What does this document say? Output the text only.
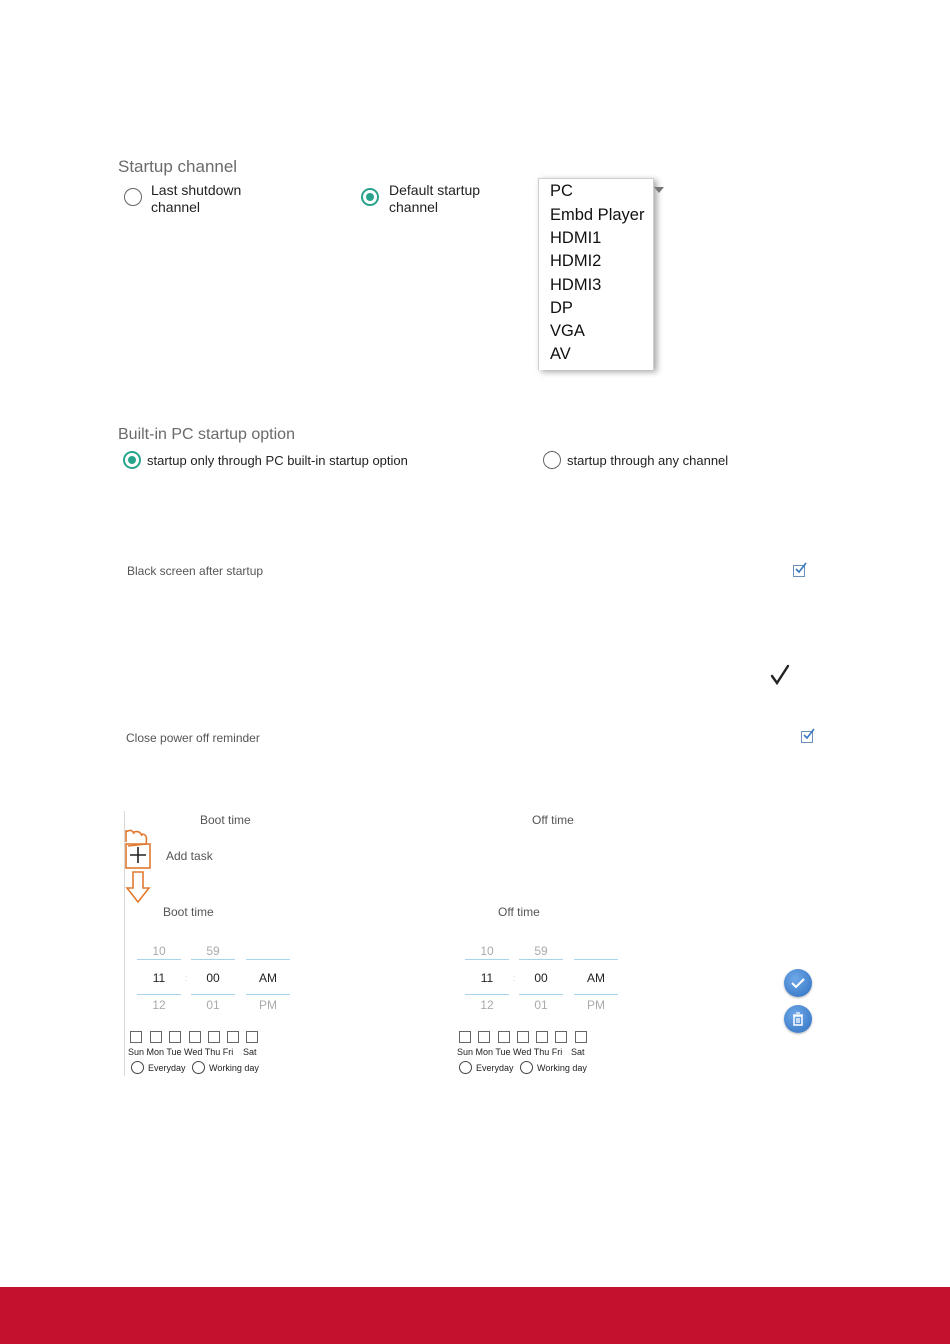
Startup channel
Last shutdown
channel
Default startup
channel
PC
Embd Player
HDMI1
HDMI2
HDMI3
DP
VGA
AV
Built-in PC startup option
startup only through PC built-in startup option	startup through any channel
Black screen after startup
Close power off reminder
Boot time	Off time
Add task
Boot time	Off time
10
11
12
:
59
00
01
AM
PM
10
11
12
:
59
00
01
AM
PM
Sun Mon Tue Wed Thu Fri Sat
Everyday	Working day
Sun Mon Tue Wed Thu Fri Sat
Everyday	Working day
